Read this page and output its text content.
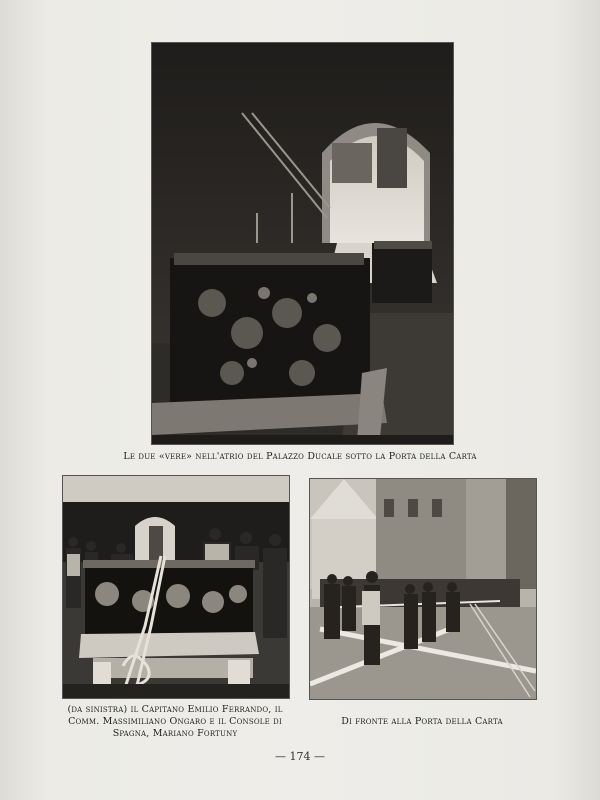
Le due «vere» nell'atrio del Palazzo Ducale sotto la Porta della Carta
(da sinistra) il Capitano Emilio Ferrando, il
Comm. Massimiliano Ongaro e il Console di
Spagna, Mariano Fortuny
Di fronte alla Porta della Carta
— 174 —
